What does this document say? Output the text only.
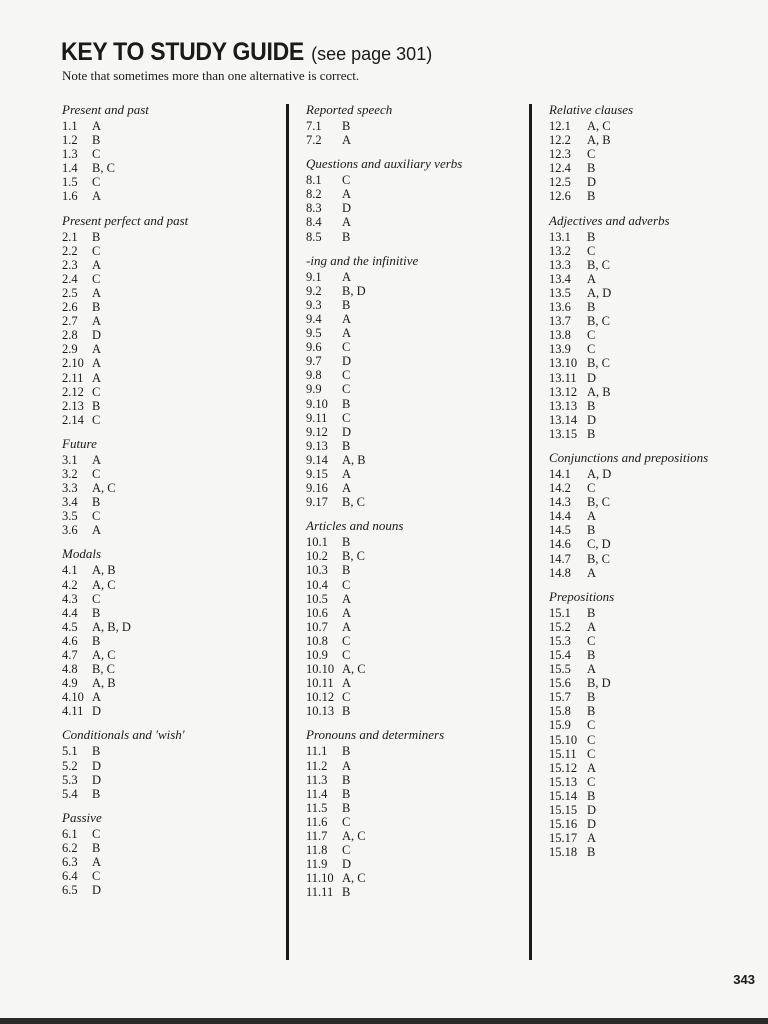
KEY TO STUDY GUIDE (see page 301)
Note that sometimes more than one alternative is correct.
Present and past
1.1	A
1.2	B
1.3	C
1.4	B, C
1.5	C
1.6	A
Present perfect and past
2.1	B
2.2	C
2.3	A
2.4	C
2.5	A
2.6	B
2.7	A
2.8	D
2.9	A
2.10 A
2.11 A
2.12 C
2.13 B
2.14 C
Future
3.1	A
3.2	C
3.3	A, C
3.4	B
3.5	C
3.6	A
Modals
4.1	A, B
4.2	A, C
4.3	C
4.4	B
4.5	A, B, D
4.6	B
4.7	A, C
4.8	B, C
4.9	A, B
4.10 A
4.11 D
Conditionals and 'wish'
5.1	B
5.2	D
5.3	D
5.4	B
Passive
6.1	C
6.2	B
6.3	A
6.4	C
6.5	D
Reported speech
7.1	B
7.2	A
Questions and auxiliary verbs
8.1	C
8.2	A
8.3	D
8.4	A
8.5	B
-ing and the infinitive
9.1	A
9.2	B, D
9.3	B
9.4	A
9.5	A
9.6	C
9.7	D
9.8	C
9.9	C
9.10	B
9.11	C
9.12	D
9.13	B
9.14	A, B
9.15	A
9.16	A
9.17	B, C
Articles and nouns
10.1	B
10.2	B, C
10.3	B
10.4	C
10.5	A
10.6	A
10.7	A
10.8	C
10.9	C
10.10 A, C
10.11 A
10.12 C
10.13 B
Pronouns and determiners
11.1	B
11.2	A
11.3	B
11.4	B
11.5	B
11.6	C
11.7	A, C
11.8	C
11.9	D
11.10 A, C
11.11 B
Relative clauses
12.1	A, C
12.2	A, B
12.3	C
12.4	B
12.5	D
12.6	B
Adjectives and adverbs
13.1	B
13.2	C
13.3	B, C
13.4	A
13.5	A, D
13.6	B
13.7	B, C
13.8	C
13.9	C
13.10 B, C
13.11 D
13.12 A, B
13.13 B
13.14 D
13.15 B
Conjunctions and prepositions
14.1	A, D
14.2	C
14.3	B, C
14.4	A
14.5	B
14.6	C, D
14.7	B, C
14.8	A
Prepositions
15.1	B
15.2	A
15.3	C
15.4	B
15.5	A
15.6	B, D
15.7	B
15.8	B
15.9	C
15.10 C
15.11 C
15.12 A
15.13 C
15.14 B
15.15 D
15.16 D
15.17 A
15.18 B
343
